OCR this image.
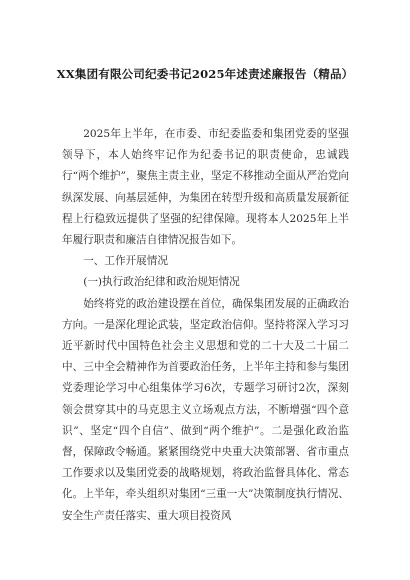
XX集团有限公司纪委书记2025年述责述廉报告（精品）

2025年上半年，在市委、市纪委监委和集团党委的坚强领导下，本人始终牢记作为纪委书记的职责使命，忠诚践行“两个维护”，聚焦主责主业，坚定不移推动全面从严治党向纵深发展、向基层延伸，为集团在转型升级和高质量发展新征程上行稳致远提供了坚强的纪律保障。现将本人2025年上半年履行职责和廉洁自律情况报告如下。

一、工作开展情况

(一)执行政治纪律和政治规矩情况

始终将党的政治建设摆在首位，确保集团发展的正确政治方向。一是深化理论武装，坚定政治信仰。坚持将深入学习习近平新时代中国特色社会主义思想和党的二十大及二十届二中、三中全会精神作为首要政治任务，上半年主持和参与集团党委理论学习中心组集体学习6次，专题学习研讨2次，深刻领会贯穿其中的马克思主义立场观点方法，不断增强“四个意识”、坚定“四个自信”、做到“两个维护”。二是强化政治监督，保障政令畅通。紧紧围绕党中央重大决策部署、省市重点工作要求以及集团党委的战略规划，将政治监督具体化、常态化。上半年，牵头组织对集团“三重一大”决策制度执行情况、安全生产责任落实、重大项目投资风
